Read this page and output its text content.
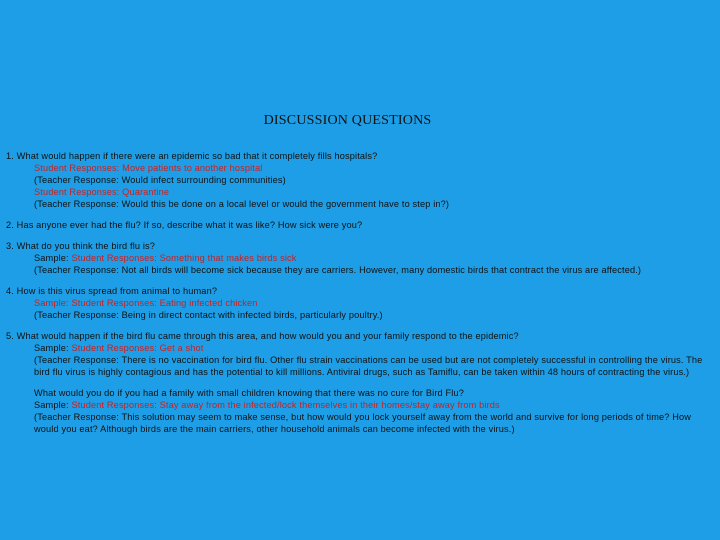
DISCUSSION QUESTIONS

1. What would happen if there were an epidemic so bad that it completely fills hospitals?

Student Responses: Move patients to another hospital

(Teacher Response: Would infect surrounding communities)

Student Responses: Quarantine

(Teacher Response: Would this be done on a local level or would the government have to step in?)

2. Has anyone ever had the flu? If so, describe what it was like? How sick were you?

3. What do you think the bird flu is?

Sample: Student Responses: Something that makes birds sick

(Teacher Response: Not all birds will become sick because they are carriers. However, many domestic birds that contract the virus are affected.)

4. How is this virus spread from animal to human?

Sample: Student Responses: Eating infected chicken

(Teacher Response: Being in direct contact with infected birds, particularly poultry.)

5. What would happen if the bird flu came through this area, and how would you and your family respond to the epidemic?

Sample: Student Responses: Get a shot

(Teacher Response: There is no vaccination for bird flu. Other flu strain vaccinations can be used but are not completely successful in controlling the virus. The bird flu virus is highly contagious and has the potential to kill millions. Antiviral drugs, such as Tamiflu, can be taken within 48 hours of contracting the virus.)

What would you do if you had a family with small children knowing that there was no cure for Bird Flu?

Sample: Student Responses: Stay away from the infected/lock themselves in their homes/stay away from birds

(Teacher Response: This solution may seem to make sense, but how would you lock yourself away from the world and survive for long periods of time? How would you eat? Although birds are the main carriers, other household animals can become infected with the virus.)
